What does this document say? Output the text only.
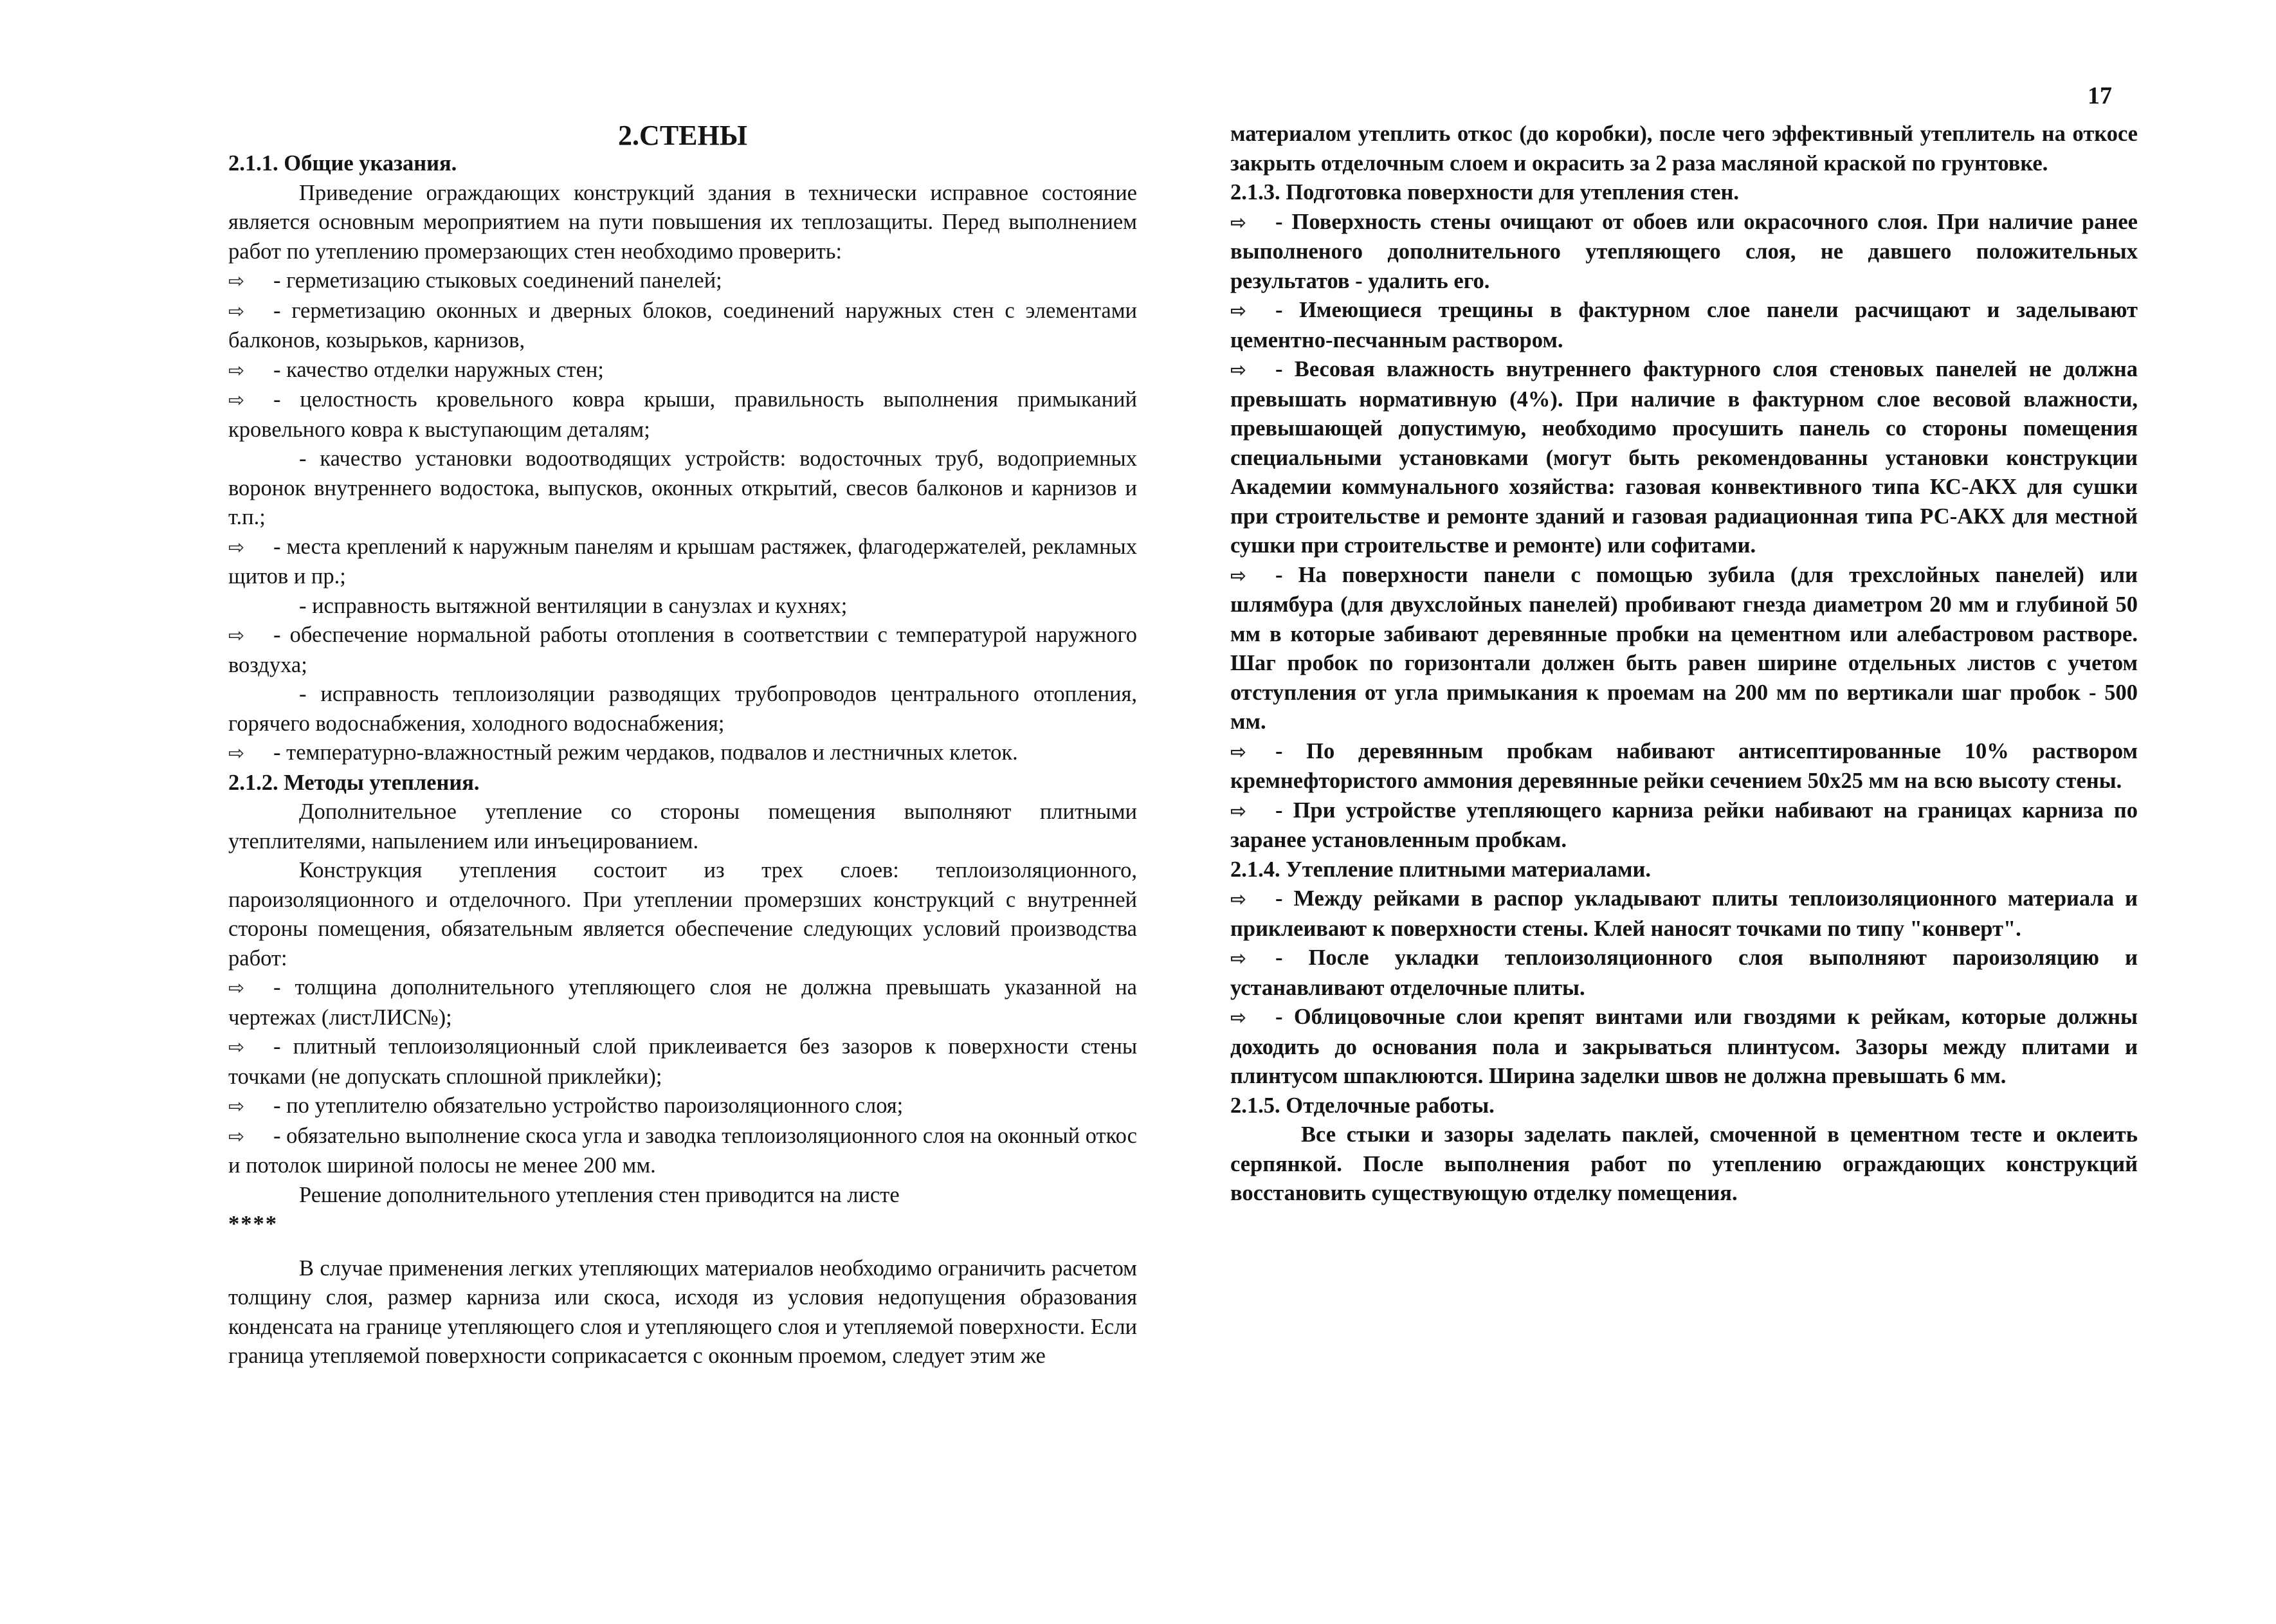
17
2.СТЕНЫ
2.1.1. Общие указания.
Приведение ограждающих конструкций здания в технически исправное состояние является основным мероприятием на пути повышения их теплозащиты. Перед выполнением работ по утеплению промерзающих стен необходимо проверить:
⇨ - герметизацию стыковых соединений панелей;
⇨ - герметизацию оконных и дверных блоков, соединений наружных стен с элементами балконов, козырьков, карнизов,
⇨ - качество отделки наружных стен;
⇨ - целостность кровельного ковра крыши, правильность выполнения примыканий кровельного ковра к выступающим деталям;
- качество установки водоотводящих устройств: водосточных труб, водоприемных воронок внутреннего водостока, выпусков, оконных открытий, свесов балконов и карнизов и т.п.;
⇨ - места креплений к наружным панелям и крышам растяжек, флагодержателей, рекламных щитов и пр.;
- исправность вытяжной вентиляции в санузлах и кухнях;
⇨ - обеспечение нормальной работы отопления в соответствии с температурой наружного воздуха;
- исправность теплоизоляции разводящих трубопроводов центрального отопления, горячего водоснабжения, холодного водоснабжения;
⇨ - температурно-влажностный режим чердаков, подвалов и лестничных клеток.
2.1.2. Методы утепления.
Дополнительное утепление со стороны помещения выполняют плитными утеплителями, напылением или инъецированием.
Конструкция утепления состоит из трех слоев: теплоизоляционного, пароизоляционного и отделочного. При утеплении промерзших конструкций с внутренней стороны помещения, обязательным является обеспечение следующих условий производства работ:
⇨ - толщина дополнительного утепляющего слоя не должна превышать указанной на чертежах (листЛИС№);
⇨ - плитный теплоизоляционный слой приклеивается без зазоров к поверхности стены точками (не допускать сплошной приклейки);
⇨ - по утеплителю обязательно устройство пароизоляционного слоя;
⇨ - обязательно выполнение скоса угла и заводка теплоизоляционного слоя на оконный откос и потолок шириной полосы не менее 200 мм.
Решение дополнительного утепления стен приводится на листе
****
В случае применения легких утепляющих материалов необходимо ограничить расчетом толщину слоя, размер карниза или скоса, исходя из условия недопущения образования конденсата на границе утепляющего слоя и утепляющего слоя и утепляемой поверхности. Если граница утепляемой поверхности соприкасается с оконным проемом, следует этим же
материалом утеплить откос (до коробки), после чего эффективный утеплитель на откосе закрыть отделочным слоем и окрасить за 2 раза масляной краской по грунтовке.
2.1.3. Подготовка поверхности для утепления стен.
⇨ - Поверхность стены очищают от обоев или окрасочного слоя. При наличие ранее выполненого дополнительного утепляющего слоя, не давшего положительных результатов - удалить его.
⇨ - Имеющиеся трещины в фактурном слое панели расчищают и заделывают цементно-песчанным раствором.
⇨ - Весовая влажность внутреннего фактурного слоя стеновых панелей не должна превышать нормативную (4%). При наличие в фактурном слое весовой влажности, превышающей допустимую, необходимо просушить панель со стороны помещения специальными установками (могут быть рекомендованны установки конструкции Академии коммунального хозяйства: газовая конвективного типа КС-АКХ для сушки при строительстве и ремонте зданий и газовая радиационная типа РС-АКХ для местной сушки при строительстве и ремонте) или софитами.
⇨ - На поверхности панели с помощью зубила (для трехслойных панелей) или шлямбура (для двухслойных панелей) пробивают гнезда диаметром 20 мм и глубиной 50 мм в которые забивают деревянные пробки на цементном или алебастровом растворе. Шаг пробок по горизонтали должен быть равен ширине отдельных листов с учетом отступления от угла примыкания к проемам на 200 мм по вертикали шаг пробок - 500 мм.
⇨ - По деревянным пробкам набивают антисептированные 10% раствором кремнефтористого аммония деревянные рейки сечением 50х25 мм на всю высоту стены.
⇨ - При устройстве утепляющего карниза рейки набивают на границах карниза по заранее установленным пробкам.
2.1.4. Утепление плитными материалами.
⇨ - Между рейками в распор укладывают плиты теплоизоляционного материала и приклеивают к поверхности стены. Клей наносят точками по типу "конверт".
⇨ - После укладки теплоизоляционного слоя выполняют пароизоляцию и устанавливают отделочные плиты.
⇨ - Облицовочные слои крепят винтами или гвоздями к рейкам, которые должны доходить до основания пола и закрываться плинтусом. Зазоры между плитами и плинтусом шпаклюются. Ширина заделки швов не должна превышать 6 мм.
2.1.5. Отделочные работы.
Все стыки и зазоры заделать паклей, смоченной в цементном тесте и оклеить серпянкой. После выполнения работ по утеплению ограждающих конструкций восстановить существующую отделку помещения.
